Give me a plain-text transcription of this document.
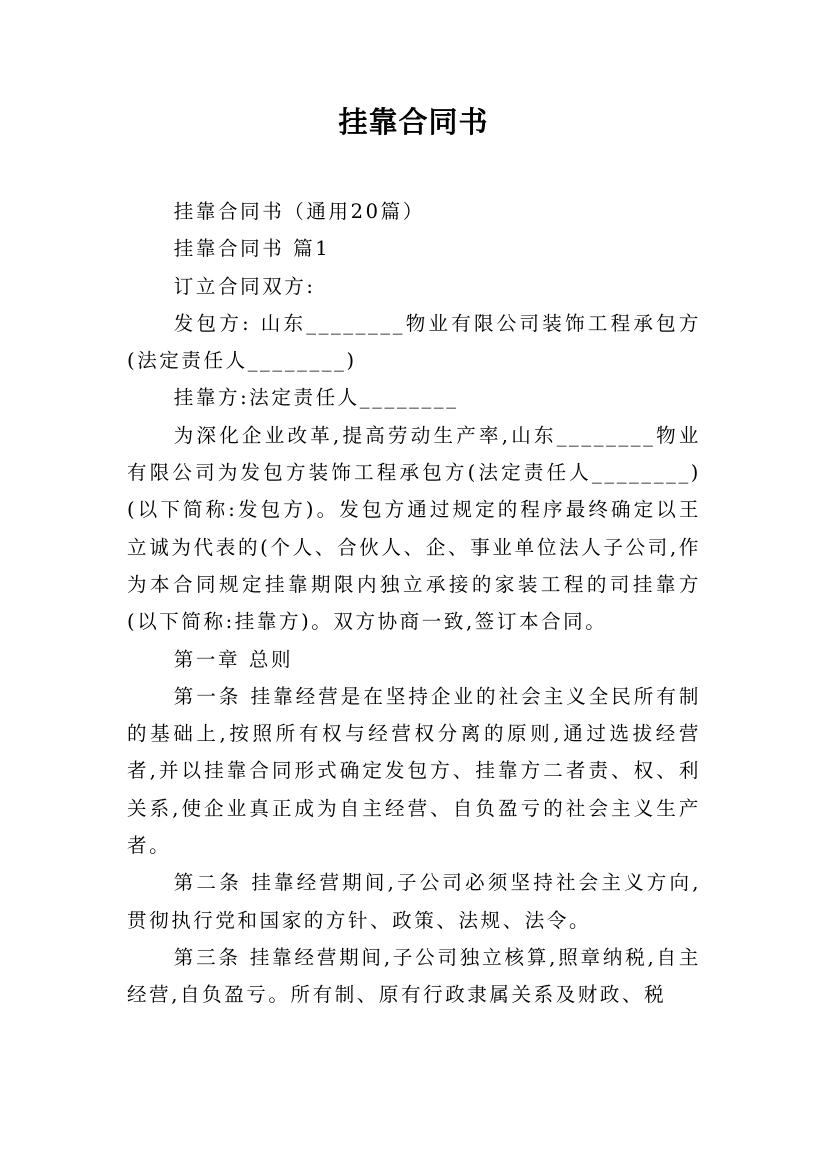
挂靠合同书

挂靠合同书（通用20篇）

挂靠合同书 篇1

订立合同双方:

发包方: 山东________物业有限公司装饰工程承包方(法定责任人________)

挂靠方:法定责任人________

为深化企业改革,提高劳动生产率,山东________物业有限公司为发包方装饰工程承包方(法定责任人________)(以下简称:发包方)。发包方通过规定的程序最终确定以王立诚为代表的(个人、合伙人、企、事业单位法人子公司,作为本合同规定挂靠期限内独立承接的家装工程的司挂靠方(以下简称:挂靠方)。双方协商一致,签订本合同。

第一章 总则

第一条 挂靠经营是在坚持企业的社会主义全民所有制的基础上,按照所有权与经营权分离的原则,通过选拔经营者,并以挂靠合同形式确定发包方、挂靠方二者责、权、利关系,使企业真正成为自主经营、自负盈亏的社会主义生产者。

第二条 挂靠经营期间,子公司必须坚持社会主义方向,贯彻执行党和国家的方针、政策、法规、法令。

第三条 挂靠经营期间,子公司独立核算,照章纳税,自主经营,自负盈亏。所有制、原有行政隶属关系及财政、税
